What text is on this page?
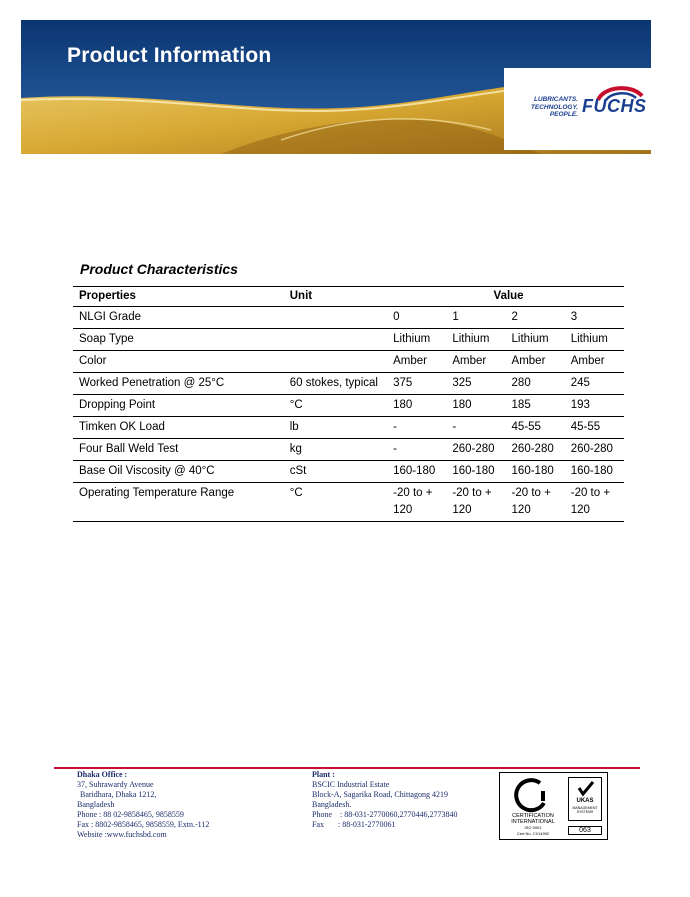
Product Information
LUBRICANTS.
TECHNOLOGY.
PEOPLE. FUCHS
Product Characteristics
Properties	Unit	Value			
NLGI Grade		0	1	2	3
Soap Type		Lithium	Lithium	Lithium	Lithium
Color		Amber	Amber	Amber	Amber
Worked Penetration @ 25°C	60 stokes, typical	375	325	280	245
Dropping Point	°C	180	180	185	193
Timken OK Load	lb	-	-	45-55	45-55
Four Ball Weld Test	kg	-	260-280	260-280	260-280
Base Oil Viscosity @ 40°C	cSt	160-180	160-180	160-180	160-180
Operating Temperature Range	°C	-20 to + 120	-20 to + 120	-20 to + 120	-20 to + 120
Dhaka Office :
37, Suhrawardy Avenue
Baridhara, Dhaka 1212,
Bangladesh
Phone : 88 02-9858465, 9858559
Fax : 8802-9858465, 9858559, Extn.-112
Website :www.fuchsbd.com
Plant :
BSCIC Industrial Estate
Block-A, Sagarika Road, Chittagong 4219
Bangladesh.
Phone    : 88-031-2770060,2770446,2773840
Fax       : 88-031-2770061
CERTIFICATION
INTERNATIONAL
ISO 9001
Cert No. CI/14992
UKAS
MANAGEMENT
SYSTEMS
063
